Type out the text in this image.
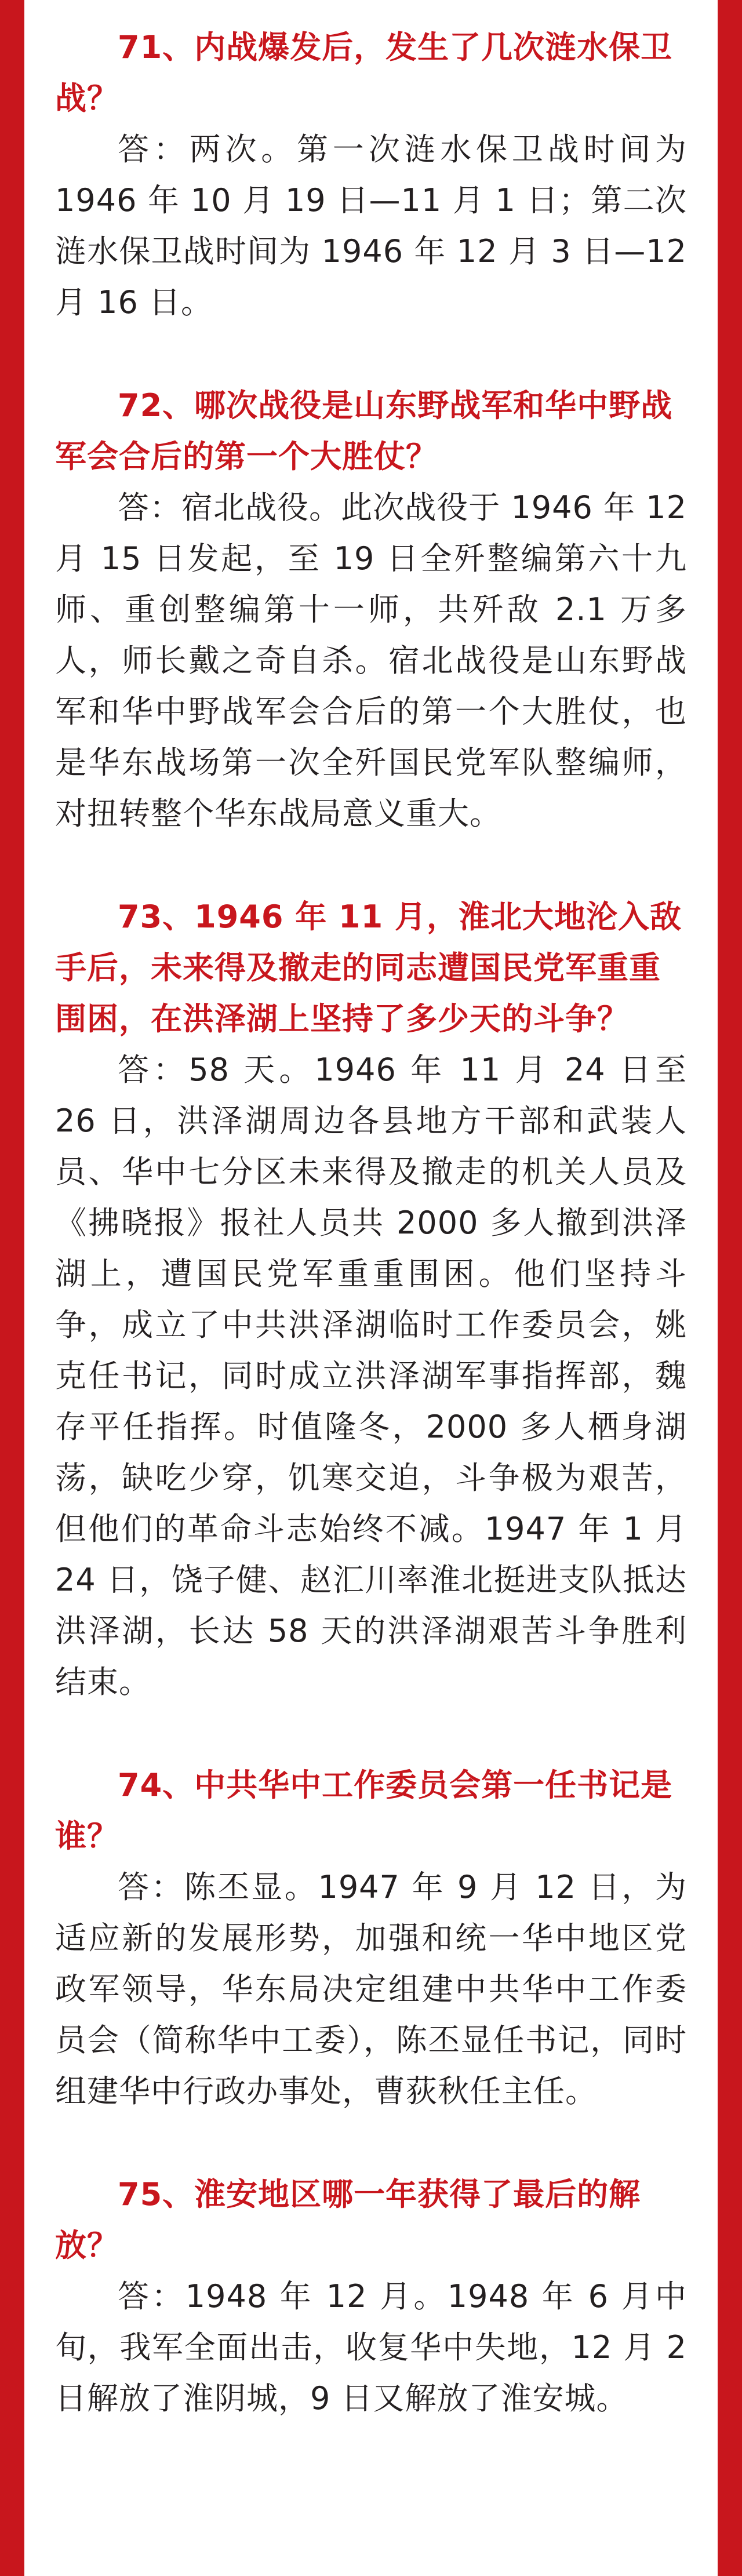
71、内战爆发后，发生了几次涟水保卫战？

答：两次。第一次涟水保卫战时间为1946 年 10 月 19 日—11 月 1 日；第二次涟水保卫战时间为 1946 年 12 月 3 日—12 月 16 日。

72、哪次战役是山东野战军和华中野战军会合后的第一个大胜仗？

答：宿北战役。此次战役于 1946 年 12 月 15 日发起，至 19 日全歼整编第六十九师、重创整编第十一师，共歼敌 2.1 万多人，师长戴之奇自杀。宿北战役是山东野战军和华中野战军会合后的第一个大胜仗，也是华东战场第一次全歼国民党军队整编师，对扭转整个华东战局意义重大。

73、1946 年 11 月，淮北大地沦入敌手后，未来得及撤走的同志遭国民党军重重围困，在洪泽湖上坚持了多少天的斗争？

答：58 天。1946 年 11 月 24 日至 26 日，洪泽湖周边各县地方干部和武装人员、华中七分区未来得及撤走的机关人员及《拂晓报》报社人员共 2000 多人撤到洪泽湖上，遭国民党军重重围困。他们坚持斗争，成立了中共洪泽湖临时工作委员会，姚克任书记，同时成立洪泽湖军事指挥部，魏存平任指挥。时值隆冬，2000 多人栖身湖荡，缺吃少穿，饥寒交迫，斗争极为艰苦，但他们的革命斗志始终不减。1947 年 1 月 24 日，饶子健、赵汇川率淮北挺进支队抵达洪泽湖，长达 58 天的洪泽湖艰苦斗争胜利结束。

74、中共华中工作委员会第一任书记是谁？

答：陈丕显。1947 年 9 月 12 日，为适应新的发展形势，加强和统一华中地区党政军领导，华东局决定组建中共华中工作委员会（简称华中工委），陈丕显任书记，同时组建华中行政办事处，曹荻秋任主任。

75、淮安地区哪一年获得了最后的解放？

答：1948 年 12 月。1948 年 6 月中旬，我军全面出击，收复华中失地，12 月 2 日解放了淮阴城，9 日又解放了淮安城。
